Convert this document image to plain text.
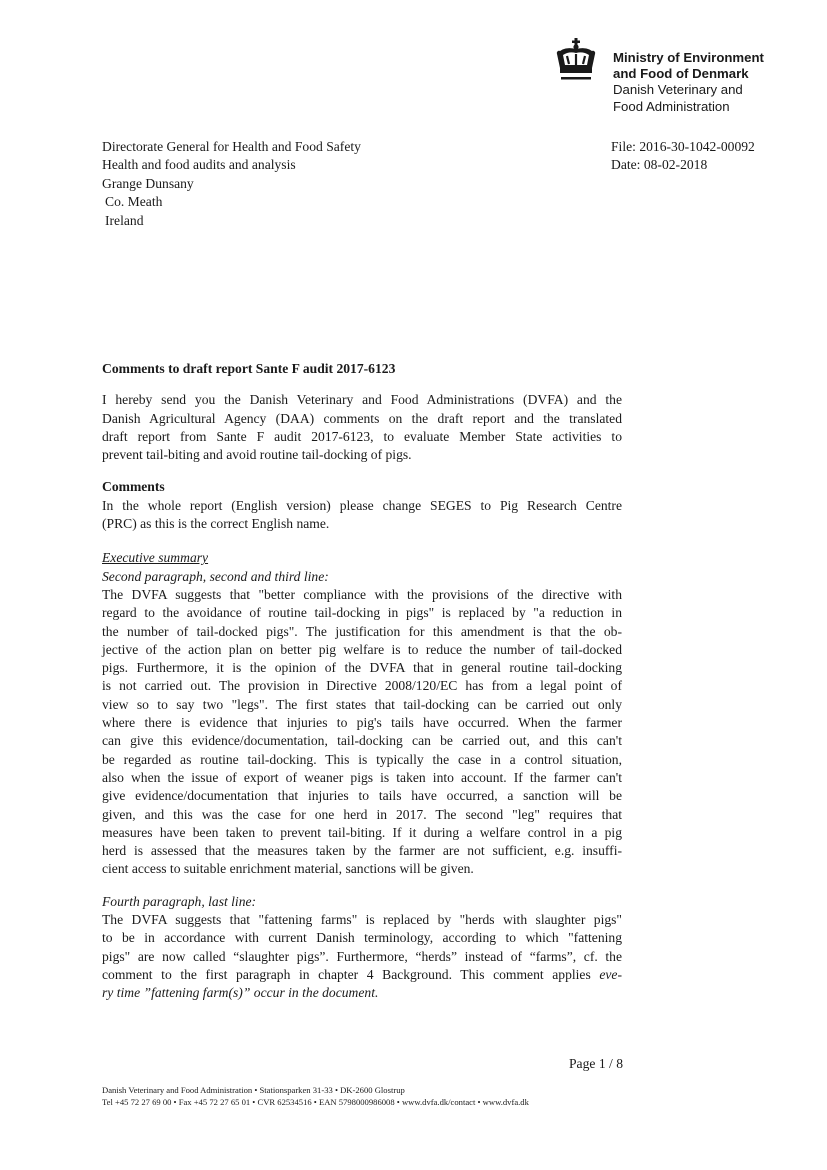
Ministry of Environment
and Food of Denmark
Danish Veterinary and
Food Administration
Directorate General for Health and Food Safety
Health and food audits and analysis
Grange Dunsany
Co. Meath
Ireland
File: 2016-30-1042-00092
Date: 08-02-2018
Comments to draft report Sante F audit 2017-6123
I hereby send you the Danish Veterinary and Food Administrations (DVFA) and the
Danish Agricultural Agency (DAA) comments on the draft report and the translated
draft report from Sante F audit 2017-6123, to evaluate Member State activities to
prevent tail-biting and avoid routine tail-docking of pigs.
Comments
In the whole report (English version) please change SEGES to Pig Research Centre
(PRC) as this is the correct English name.
Executive summary
Second paragraph, second and third line:
The DVFA suggests that "better compliance with the provisions of the directive with
regard to the avoidance of routine tail-docking in pigs" is replaced by "a reduction in
the number of tail-docked pigs". The justification for this amendment is that the ob-
jective of the action plan on better pig welfare is to reduce the number of tail-docked
pigs. Furthermore, it is the opinion of the DVFA that in general routine tail-docking
is not carried out. The provision in Directive 2008/120/EC has from a legal point of
view so to say two "legs". The first states that tail-docking can be carried out only
where there is evidence that injuries to pig's tails have occurred. When the farmer
can give this evidence/documentation, tail-docking can be carried out, and this can't
be regarded as routine tail-docking. This is typically the case in a control situation,
also when the issue of export of weaner pigs is taken into account. If the farmer can't
give evidence/documentation that injuries to tails have occurred, a sanction will be
given, and this was the case for one herd in 2017. The second "leg" requires that
measures have been taken to prevent tail-biting. If it during a welfare control in a pig
herd is assessed that the measures taken by the farmer are not sufficient, e.g. insuffi-
cient access to suitable enrichment material, sanctions will be given.
Fourth paragraph, last line:
The DVFA suggests that "fattening farms" is replaced by "herds with slaughter pigs"
to be in accordance with current Danish terminology, according to which "fattening
pigs" are now called “slaughter pigs”. Furthermore, “herds” instead of “farms”, cf. the
comment to the first paragraph in chapter 4 Background. This comment applies eve-
ry time ”fattening farm(s)” occur in the document.
Page 1 / 8
Danish Veterinary and Food Administration • Stationsparken 31-33 • DK-2600 Glostrup
Tel +45 72 27 69 00 • Fax +45 72 27 65 01 • CVR 62534516 • EAN 5798000986008 • www.dvfa.dk/contact • www.dvfa.dk
